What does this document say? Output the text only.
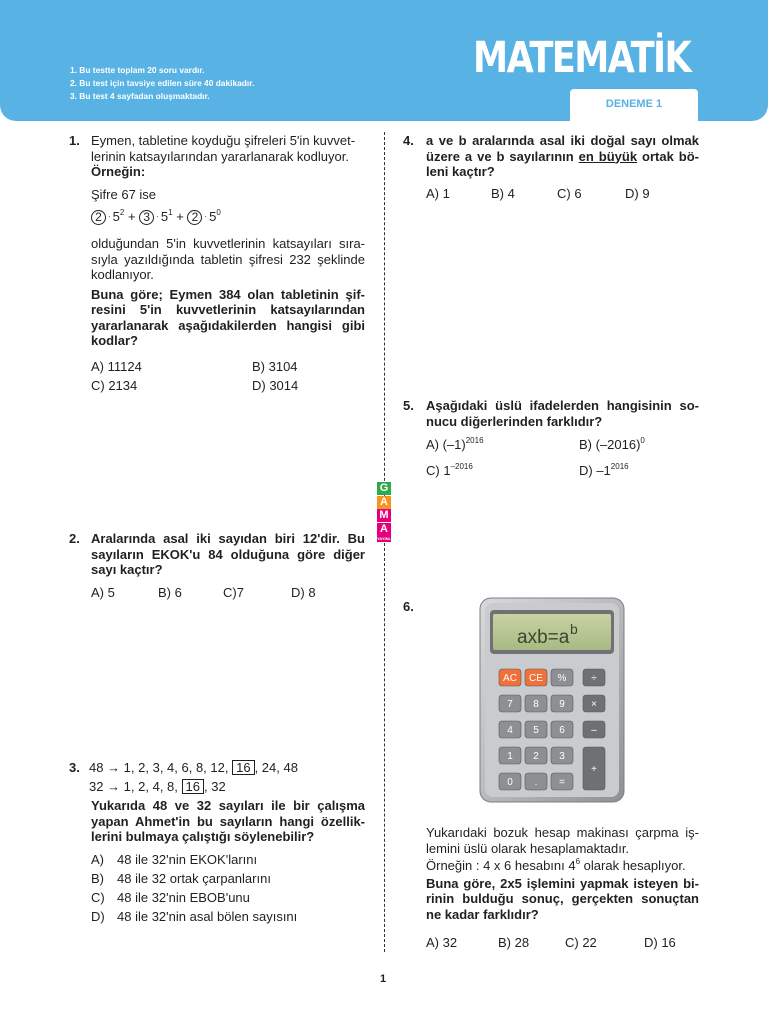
1. Bu testte toplam 20 soru vardır.
2. Bu test için tavsiye edilen süre 40 dakikadır.
3. Bu test 4 sayfadan oluşmaktadır.
MATEMATİK
DENEME 1
G
A
M
A
YAYINLARI
1. Eymen, tabletine koyduğu şifreleri 5'in kuvvet-
lerinin katsayılarından yararlanarak kodluyor.
Örneğin:
Şifre 67 ise
$2 \cdot 5^2 + 3 \cdot 5^1 + 2 \cdot 5^0$
olduğundan 5'in kuvvetlerinin katsayıları sıra-sıyla yazıldığında tabletin şifresi 232 şeklinde kodlanıyor.
Buna göre; Eymen 384 olan tabletinin şif-resini 5'in kuvvetlerinin katsayılarından yararlanarak aşağıdakilerden hangisi gibi kodlar?
A) 11124	B) 3104
C) 2134	D) 3014
2. Aralarında asal iki sayıdan biri 12'dir. Bu sayıların EKOK'u 84 olduğuna göre diğer sayı kaçtır?
A) 5	B) 6	C)7	D) 8
3. 48 → 1, 2, 3, 4, 6, 8, 12, 16 , 24, 48
32 → 1, 2, 4, 8, 16 , 32
Yukarıda 48 ve 32 sayıları ile bir çalışma yapan Ahmet'in bu sayıların hangi özellik-lerini bulmaya çalıştığı söylenebilir?
A) 48 ile 32'nin EKOK'larını
B) 48 ile 32 ortak çarpanlarını
C) 48 ile 32'nin EBOB'unu
D) 48 ile 32'nin asal bölen sayısını
4. a ve b aralarında asal iki doğal sayı olmak üzere a ve b sayılarının en büyük ortak bö-leni kaçtır?
A) 1	B) 4	C) 6	D) 9
5. Aşağıdaki üslü ifadelerden hangisinin so-nucu diğerlerinden farklıdır?
A) $(-1)^{2016}$	B) $(-2016)^0$
C) $1^{-2016}$	D) $-1^{2016}$
6.
axb=a b
AC CE % ÷
7 8 9	×
4 5 6	–
1 2 3
+
0 . =
Yukarıdaki bozuk hesap makinası çarpma iş-lemini üslü olarak hesaplamaktadır.
Örneğin : 4 x 6 hesabını $4^6$ olarak hesaplıyor.
Buna göre, 2x5 işlemini yapmak isteyen bi-rinin bulduğu sonuç, gerçekten sonuçtan ne kadar farklıdır?
A) 32	B) 28	C) 22	D) 16
1
